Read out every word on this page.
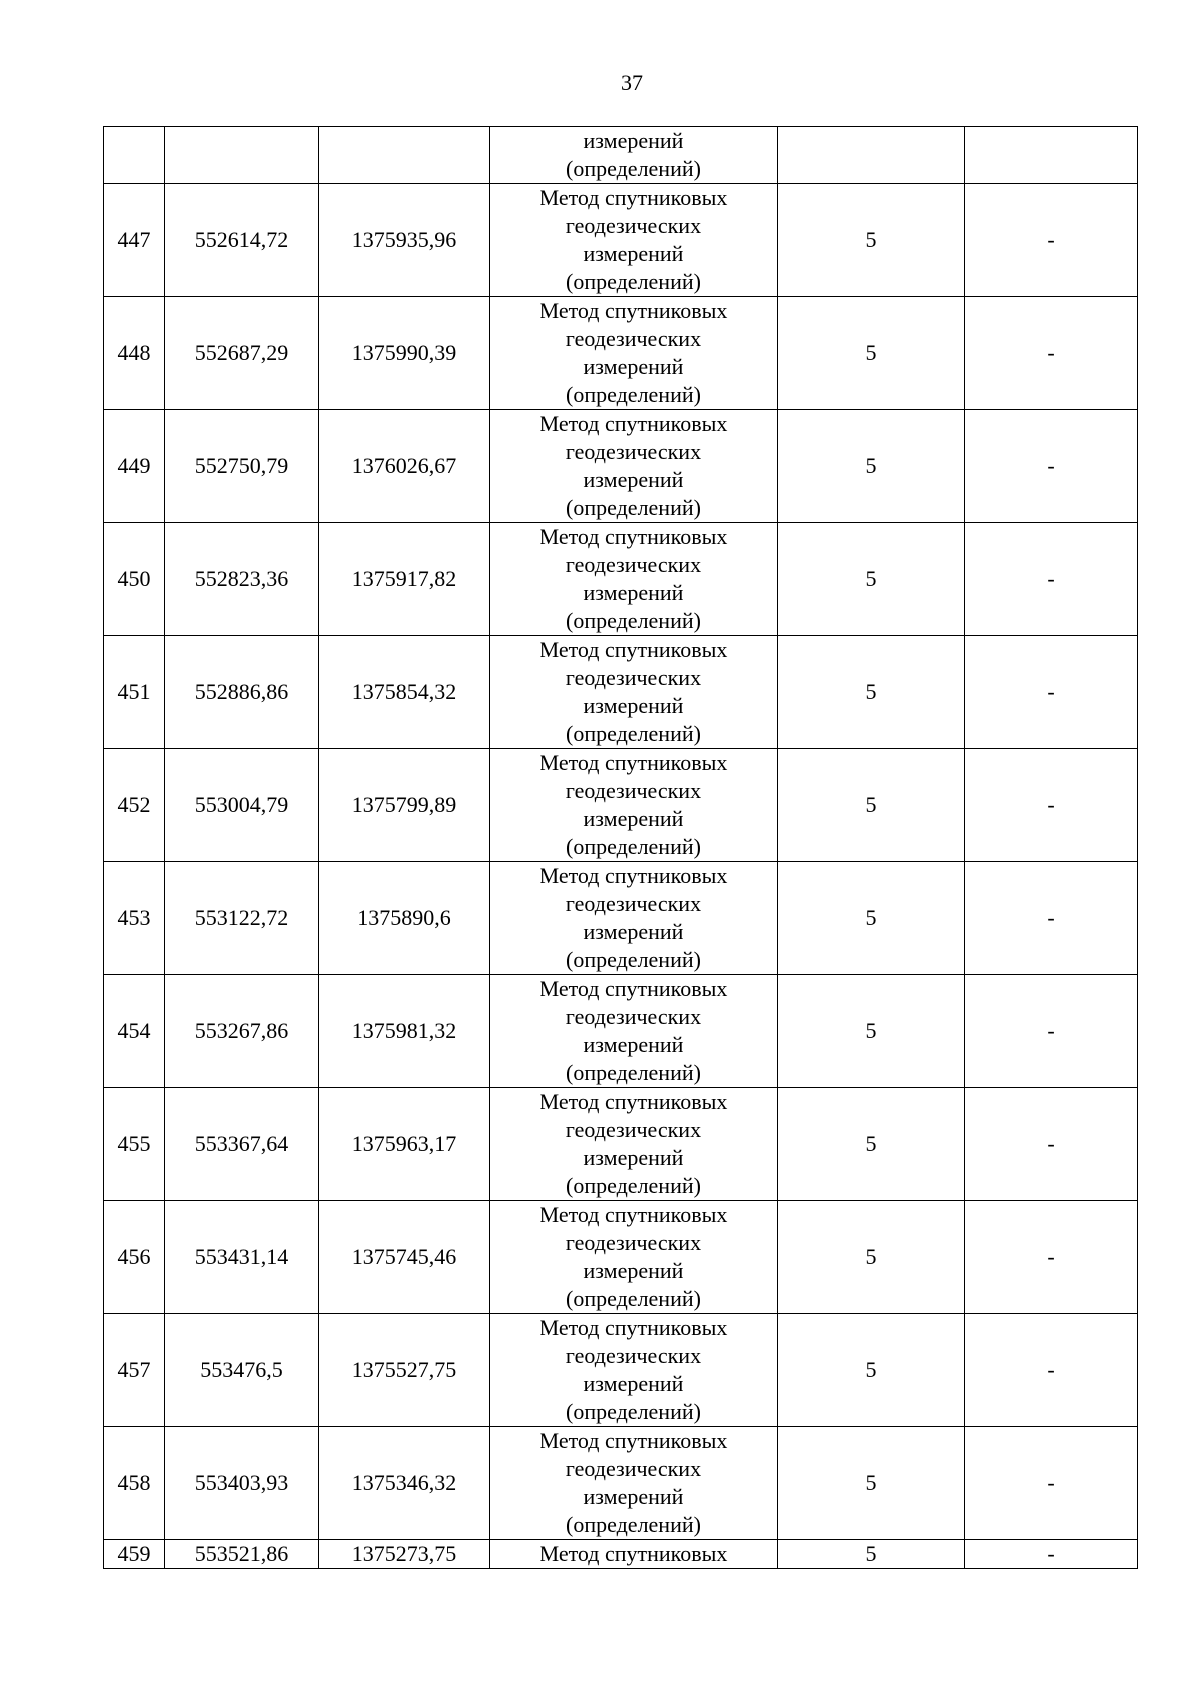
37
			измерений
(определений)		
447	552614,72	1375935,96	Метод спутниковых
геодезических
измерений
(определений)	5	-
448	552687,29	1375990,39	Метод спутниковых
геодезических
измерений
(определений)	5	-
449	552750,79	1376026,67	Метод спутниковых
геодезических
измерений
(определений)	5	-
450	552823,36	1375917,82	Метод спутниковых
геодезических
измерений
(определений)	5	-
451	552886,86	1375854,32	Метод спутниковых
геодезических
измерений
(определений)	5	-
452	553004,79	1375799,89	Метод спутниковых
геодезических
измерений
(определений)	5	-
453	553122,72	1375890,6	Метод спутниковых
геодезических
измерений
(определений)	5	-
454	553267,86	1375981,32	Метод спутниковых
геодезических
измерений
(определений)	5	-
455	553367,64	1375963,17	Метод спутниковых
геодезических
измерений
(определений)	5	-
456	553431,14	1375745,46	Метод спутниковых
геодезических
измерений
(определений)	5	-
457	553476,5	1375527,75	Метод спутниковых
геодезических
измерений
(определений)	5	-
458	553403,93	1375346,32	Метод спутниковых
геодезических
измерений
(определений)	5	-
459	553521,86	1375273,75	Метод спутниковых	5	-
